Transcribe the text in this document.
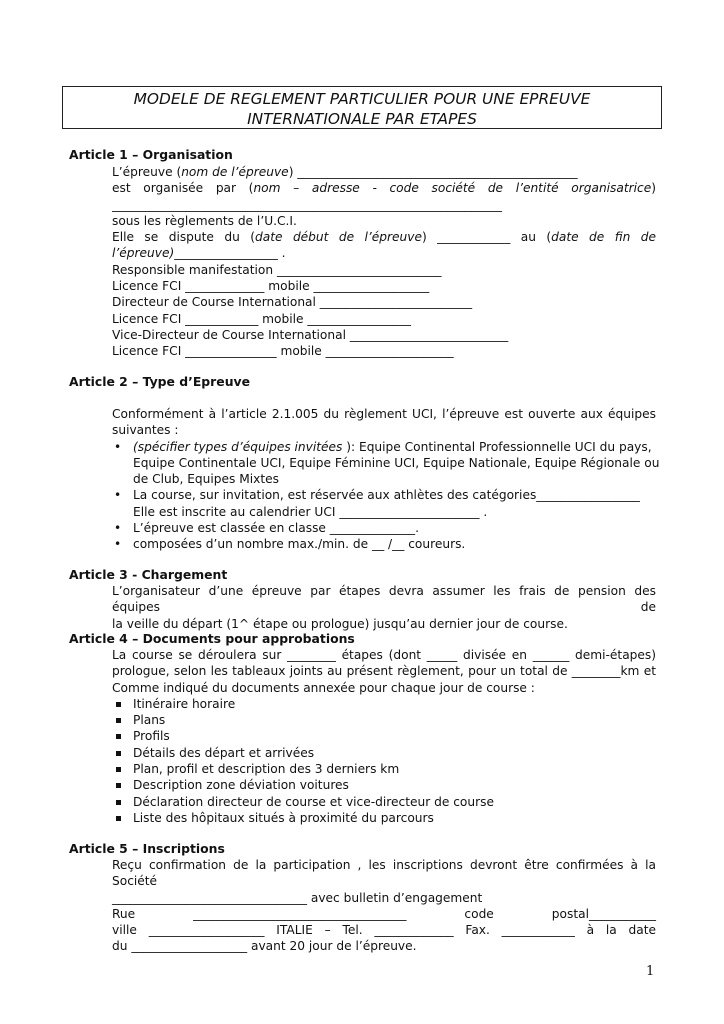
MODELE DE REGLEMENT PARTICULIER POUR UNE EPREUVE
INTERNATIONALE PAR ETAPES
Article 1 – Organisation
L’épreuve (nom de l’épreuve) ______________________________________________
est organisée par (nom – adresse - code société de l’entité organisatrice)
________________________________________________________________
sous les règlements de l’U.C.I.
Elle se dispute du (date début de l’épreuve) ____________ au (date de fin de
l’épreuve)_________________ .
Responsible manifestation ___________________________
Licence FCI _____________ mobile ___________________
Directeur de Course International _________________________
Licence FCI ____________ mobile _________________
Vice-Directeur de Course International __________________________
Licence FCI _______________ mobile _____________________
Article 2 – Type d’Epreuve
Conformément à l’article 2.1.005 du règlement UCI, l’épreuve est ouverte aux équipes
suivantes :
• (spécifier types d’équipes invitées ): Equipe Continental Professionnelle UCI du pays,
Equipe Continentale UCI, Equipe Féminine UCI, Equipe Nationale, Equipe Régionale ou
de Club, Equipes Mixtes
• La course, sur invitation, est réservée aux athlètes des catégories_________________
Elle est inscrite au calendrier UCI _______________________ .
• L’épreuve est classée en classe ______________.
• composées d’un nombre max./min. de __ /__ coureurs.
Article 3 - Chargement
L’organisateur d’une épreuve par étapes devra assumer les frais de pension des équipes de
la veille du départ (1^ étape ou prologue) jusqu’au dernier jour de course.
Article 4 – Documents pour approbations
La course se déroulera sur ________ étapes (dont _____ divisée en ______ demi-étapes)
prologue, selon les tableaux joints au présent règlement, pour un total de ________km et
Comme indiqué du documents annexée pour chaque jour de course :
Itinéraire horaire
Plans
Profils
Détails des départ et arrivées
Plan, profil et description des 3 derniers km
Description zone déviation voitures
Déclaration directeur de course et vice-directeur de course
Liste des hôpitaux situés à proximité du parcours
Article 5 – Inscriptions
Reçu confirmation de la participation , les inscriptions devront être confirmées à la Société
________________________________ avec bulletin d’engagement
Rue	___________________________________	code	postal___________
ville ___________________ ITALIE – Tel. _____________ Fax. ____________ à la date
du ___________________ avant 20 jour de l’épreuve.
1
